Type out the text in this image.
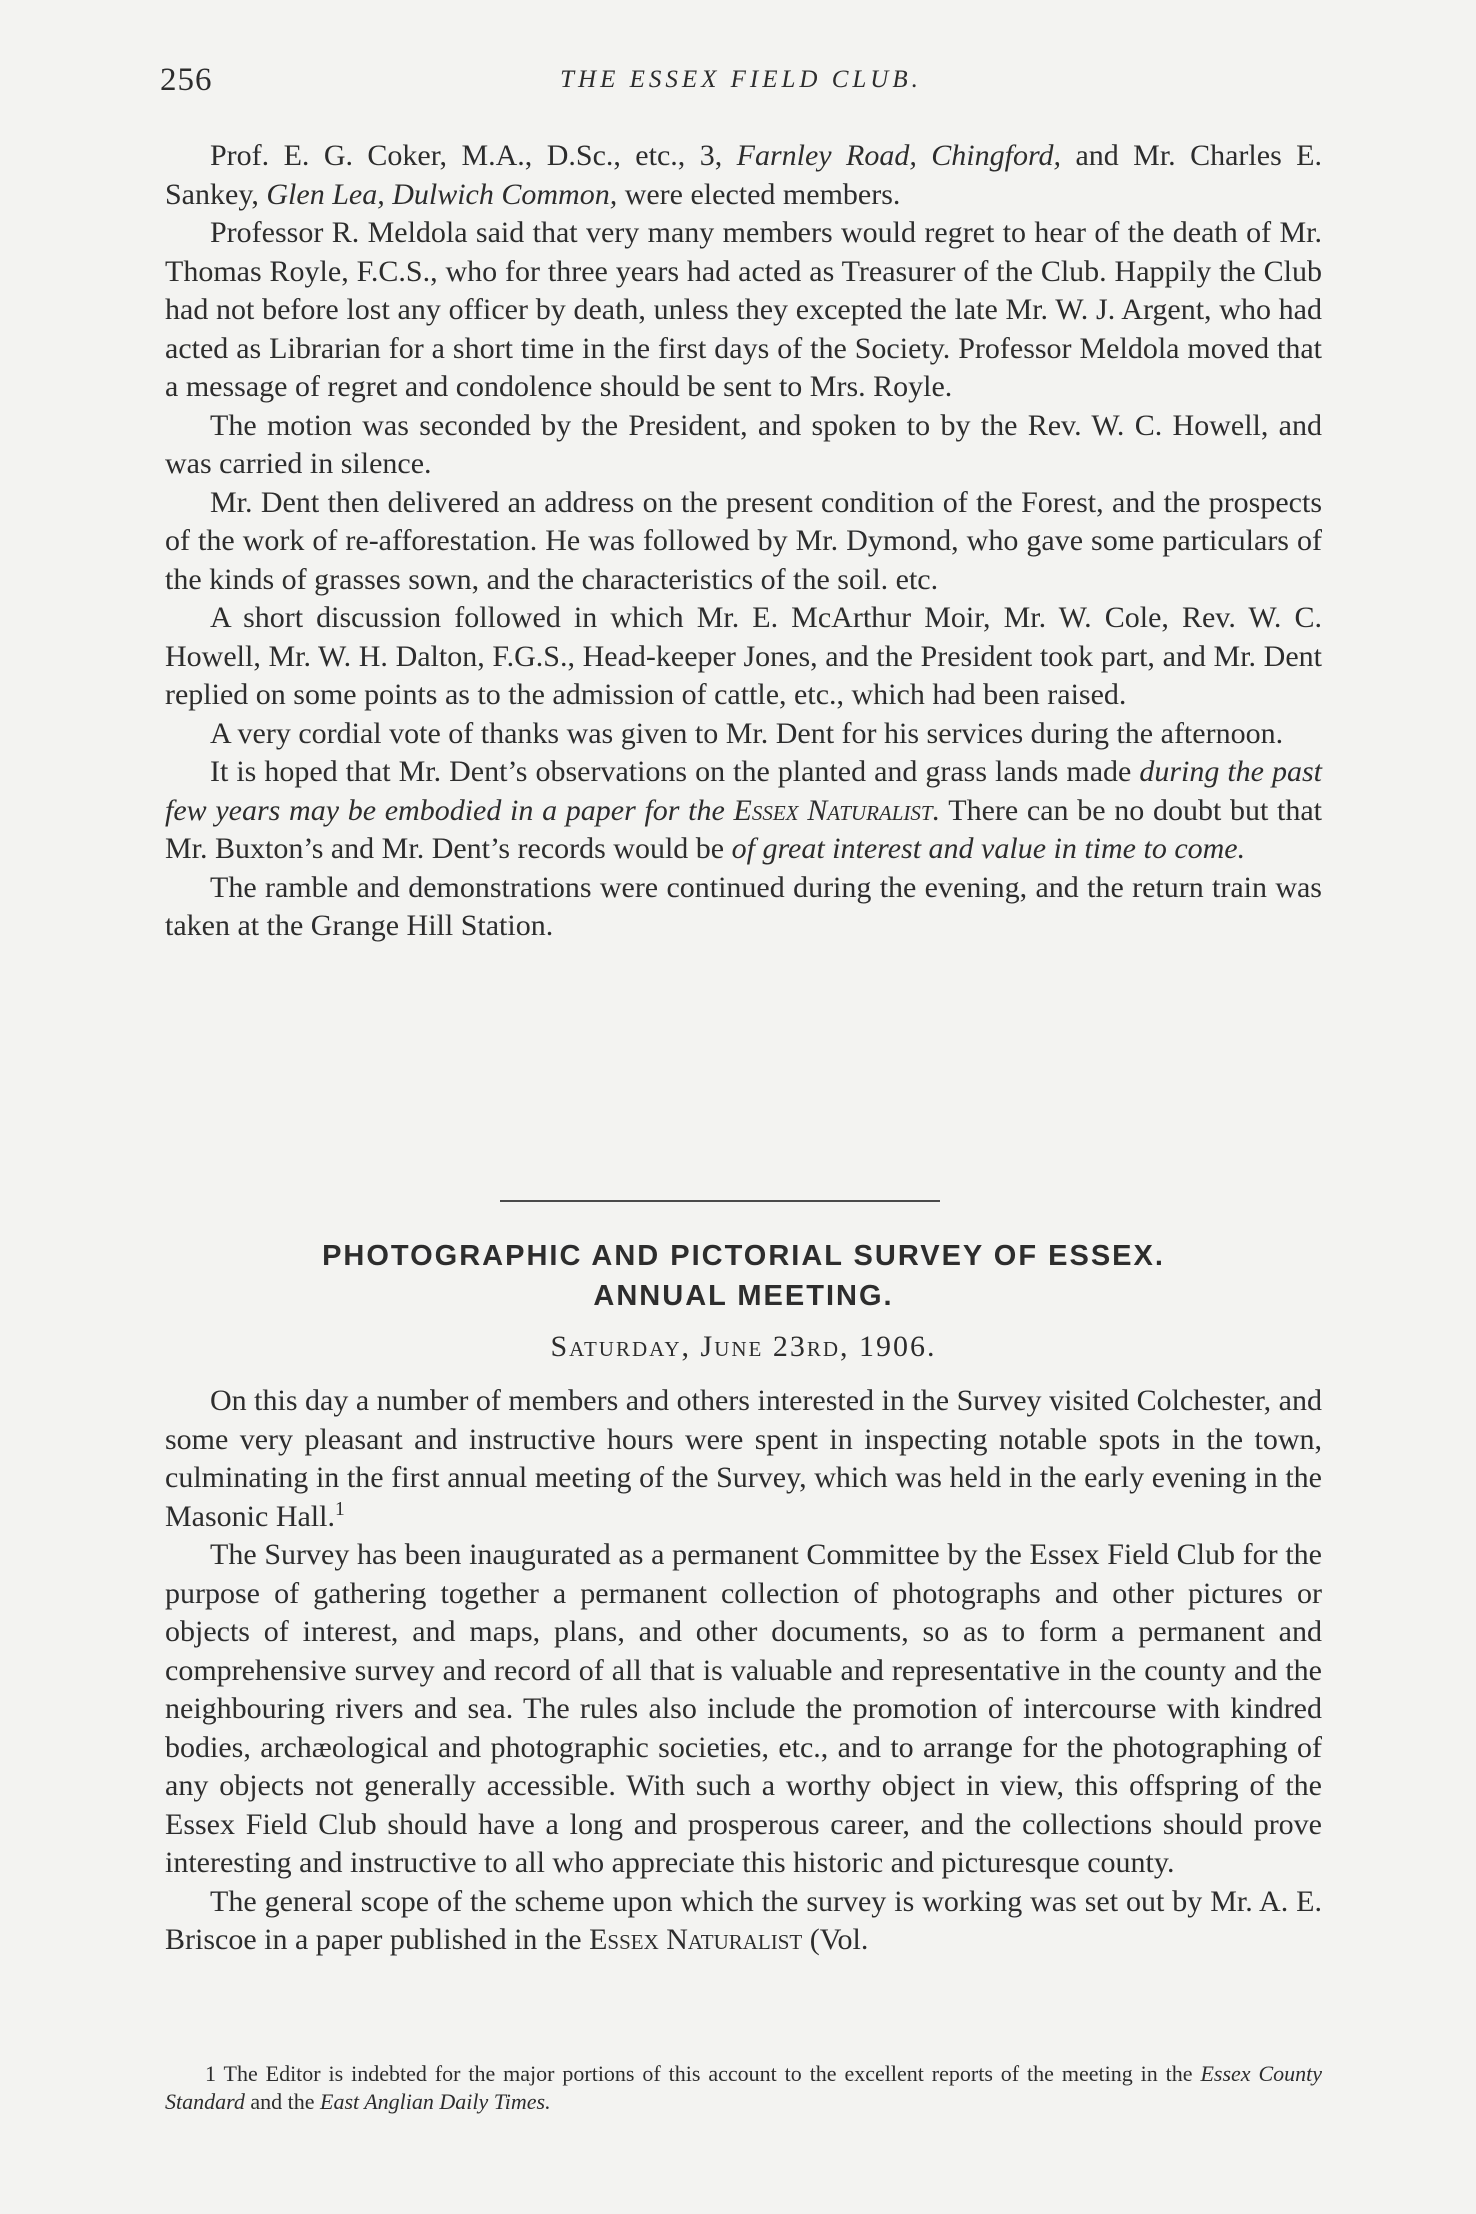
256	THE ESSEX FIELD CLUB.

Prof. E. G. Coker, M.A., D.Sc., etc., 3, Farnley Road, Chingford, and Mr. Charles E. Sankey, Glen Lea, Dulwich Common, were elected members.

Professor R. Meldola said that very many members would regret to hear of the death of Mr. Thomas Royle, F.C.S., who for three years had acted as Treasurer of the Club. Happily the Club had not before lost any officer by death, unless they excepted the late Mr. W. J. Argent, who had acted as Librarian for a short time in the first days of the Society. Professor Meldola moved that a message of regret and condolence should be sent to Mrs. Royle.

The motion was seconded by the President, and spoken to by the Rev. W. C. Howell, and was carried in silence.

Mr. Dent then delivered an address on the present condition of the Forest, and the prospects of the work of re-afforestation. He was followed by Mr. Dymond, who gave some particulars of the kinds of grasses sown, and the characteristics of the soil. etc.

A short discussion followed in which Mr. E. McArthur Moir, Mr. W. Cole, Rev. W. C. Howell, Mr. W. H. Dalton, F.G.S., Head-keeper Jones, and the President took part, and Mr. Dent replied on some points as to the admission of cattle, etc., which had been raised.

A very cordial vote of thanks was given to Mr. Dent for his services during the afternoon.

It is hoped that Mr. Dent’s observations on the planted and grass lands made during the past few years may be embodied in a paper for the Essex Naturalist. There can be no doubt but that Mr. Buxton’s and Mr. Dent’s records would be of great interest and value in time to come.

The ramble and demonstrations were continued during the evening, and the return train was taken at the Grange Hill Station.

PHOTOGRAPHIC AND PICTORIAL SURVEY OF ESSEX.
ANNUAL MEETING.
Saturday, June 23rd, 1906.

On this day a number of members and others interested in the Survey visited Colchester, and some very pleasant and instructive hours were spent in inspecting notable spots in the town, culminating in the first annual meeting of the Survey, which was held in the early evening in the Masonic Hall.$^1$

The Survey has been inaugurated as a permanent Committee by the Essex Field Club for the purpose of gathering together a permanent collection of photographs and other pictures or objects of interest, and maps, plans, and other documents, so as to form a permanent and comprehensive survey and record of all that is valuable and representative in the county and the neighbouring rivers and sea. The rules also include the promotion of intercourse with kindred bodies, archæological and photographic societies, etc., and to arrange for the photographing of any objects not generally accessible. With such a worthy object in view, this offspring of the Essex Field Club should have a long and prosperous career, and the collections should prove interesting and instructive to all who appreciate this historic and picturesque county.

The general scope of the scheme upon which the survey is working was set out by Mr. A. E. Briscoe in a paper published in the Essex Naturalist (Vol.

1 The Editor is indebted for the major portions of this account to the excellent reports of the meeting in the Essex County Standard and the East Anglian Daily Times.
